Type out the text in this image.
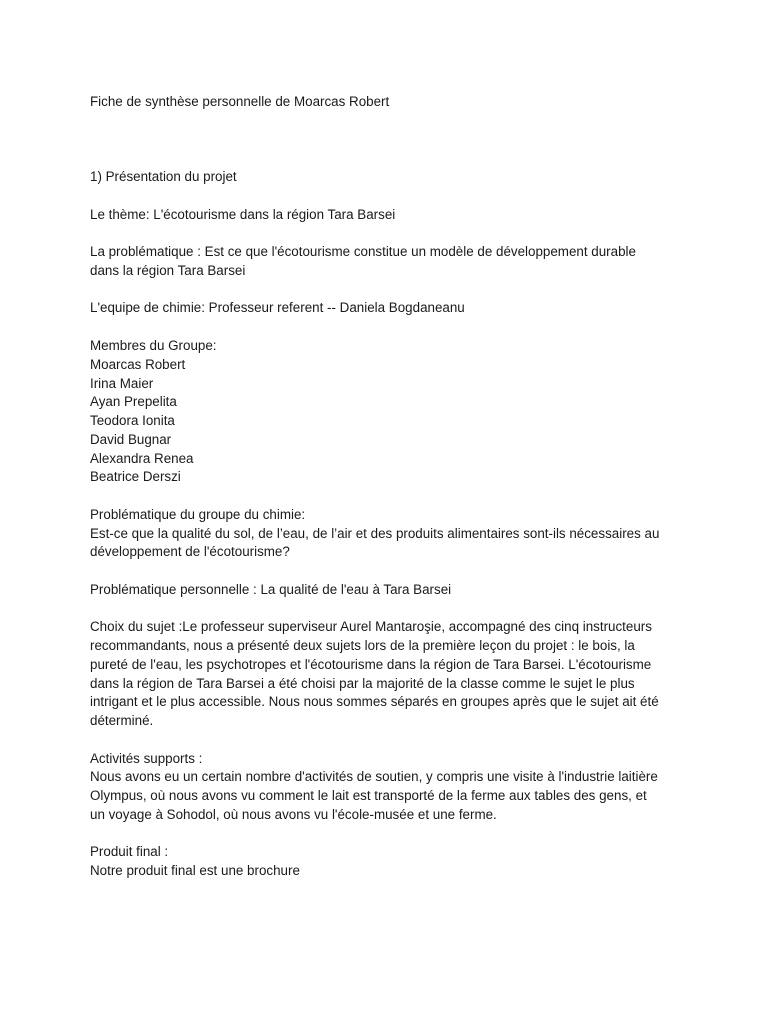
Fiche de synthèse personnelle de Moarcas Robert
1) Présentation du projet
Le thème: L'écotourisme dans la région Tara Barsei
La problématique : Est ce que l'écotourisme constitue un modèle de développement durable
dans la région Tara Barsei
L'equipe de chimie: Professeur referent -- Daniela Bogdaneanu
Membres du Groupe:
Moarcas Robert
Irina Maier
Ayan Prepelita
Teodora Ionita
David Bugnar
Alexandra Renea
Beatrice Derszi
Problématique du groupe du chimie:
Est-ce que la qualité du sol, de l’eau, de l’air et des produits alimentaires sont-ils nécessaires au
développement de l'écotourisme?
Problématique personnelle : La qualité de l'eau à Tara Barsei
Choix du sujet :Le professeur superviseur Aurel Mantaroşie, accompagné des cinq instructeurs
recommandants, nous a présenté deux sujets lors de la première leçon du projet : le bois, la
pureté de l'eau, les psychotropes et l'écotourisme dans la région de Tara Barsei. L'écotourisme
dans la région de Tara Barsei a été choisi par la majorité de la classe comme le sujet le plus
intrigant et le plus accessible. Nous nous sommes séparés en groupes après que le sujet ait été
déterminé.
Activités supports :
Nous avons eu un certain nombre d'activités de soutien, y compris une visite à l'industrie laitière
Olympus, où nous avons vu comment le lait est transporté de la ferme aux tables des gens, et
un voyage à Sohodol, où nous avons vu l'école-musée et une ferme.
Produit final :
Notre produit final est une brochure
